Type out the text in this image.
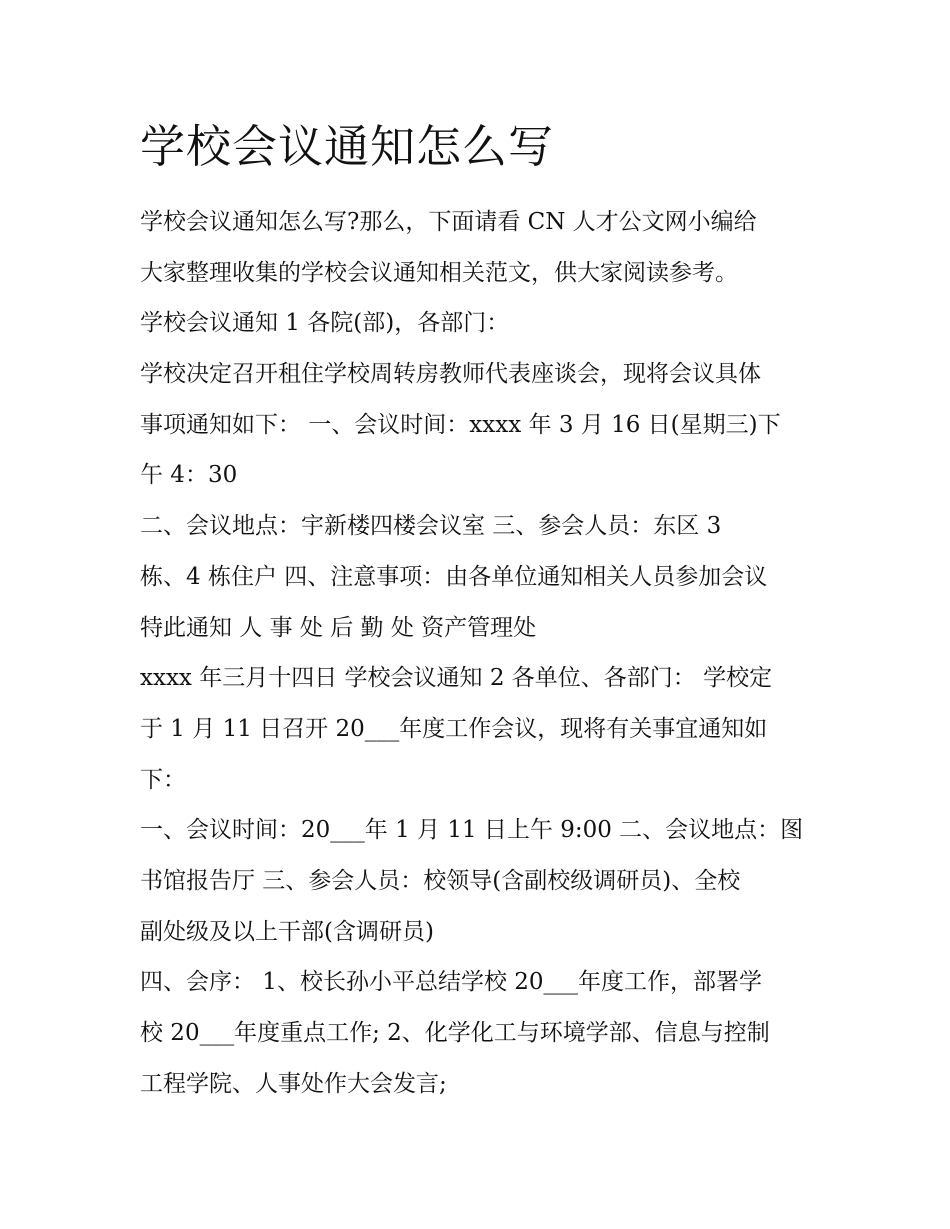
学校会议通知怎么写

学校会议通知怎么写?那么，下面请看 CN 人才公文网小编给

大家整理收集的学校会议通知相关范文，供大家阅读参考。

学校会议通知 1 各院(部)，各部门：

学校决定召开租住学校周转房教师代表座谈会，现将会议具体

事项通知如下： 一、会议时间：xxxx 年 3 月 16 日(星期三)下

午 4：30

二、会议地点：宇新楼四楼会议室 三、参会人员：东区 3

栋、4 栋住户 四、注意事项：由各单位通知相关人员参加会议

特此通知 人 事 处 后 勤 处 资产管理处

xxxx 年三月十四日 学校会议通知 2 各单位、各部门： 学校定

于 1 月 11 日召开 20___年度工作会议，现将有关事宜通知如

下：

一、会议时间：20___年 1 月 11 日上午 9:00 二、会议地点：图

书馆报告厅 三、参会人员：校领导(含副校级调研员)、全校

副处级及以上干部(含调研员)

四、会序： 1、校长孙小平总结学校 20___年度工作，部署学

校 20___年度重点工作; 2、化学化工与环境学部、信息与控制

工程学院、人事处作大会发言;
